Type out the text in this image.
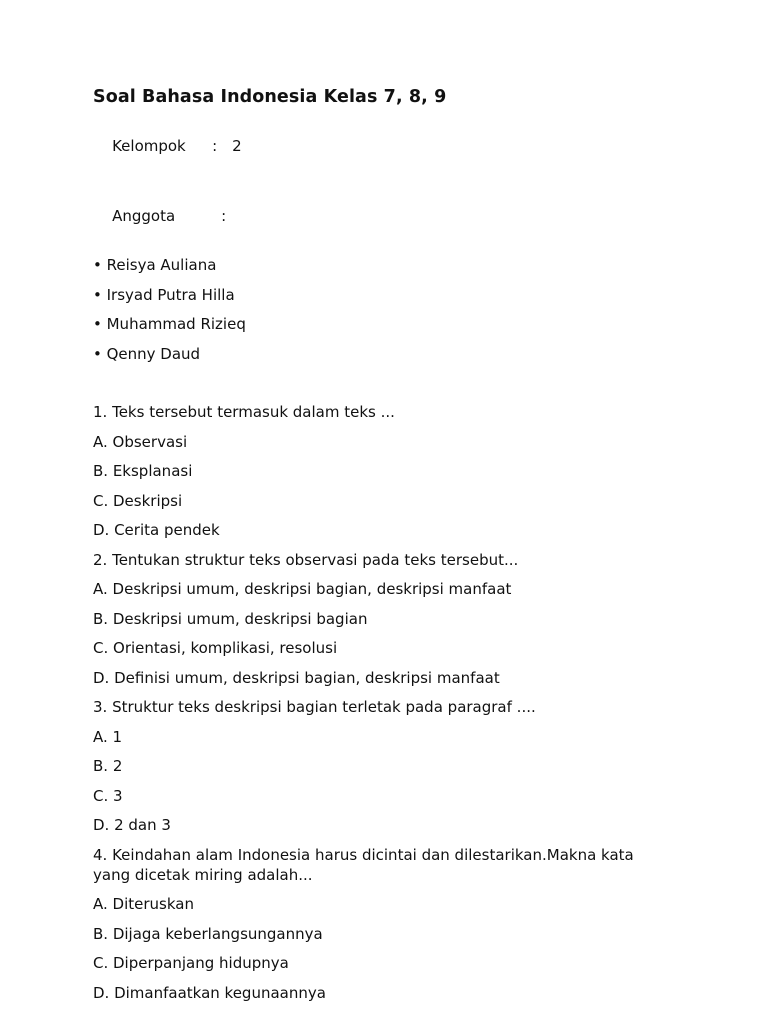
Soal Bahasa Indonesia Kelas 7, 8, 9

Kelompok : 2

Anggota	:

• Reisya Auliana
• Irsyad Putra Hilla
• Muhammad Rizieq
• Qenny Daud
1. Teks tersebut termasuk dalam teks ...
A. Observasi
B. Eksplanasi
C. Deskripsi
D. Cerita pendek
2. Tentukan struktur teks observasi pada teks tersebut...
A. Deskripsi umum, deskripsi bagian, deskripsi manfaat
B. Deskripsi umum, deskripsi bagian
C. Orientasi, komplikasi, resolusi
D. Definisi umum, deskripsi bagian, deskripsi manfaat
3. Struktur teks deskripsi bagian terletak pada paragraf ....
A. 1
B. 2
C. 3
D. 2 dan 3
4. Keindahan alam Indonesia harus dicintai dan dilestarikan.Makna kata yang dicetak miring adalah...
A. Diteruskan
B. Dijaga keberlangsungannya
C. Diperpanjang hidupnya
D. Dimanfaatkan kegunaannya
